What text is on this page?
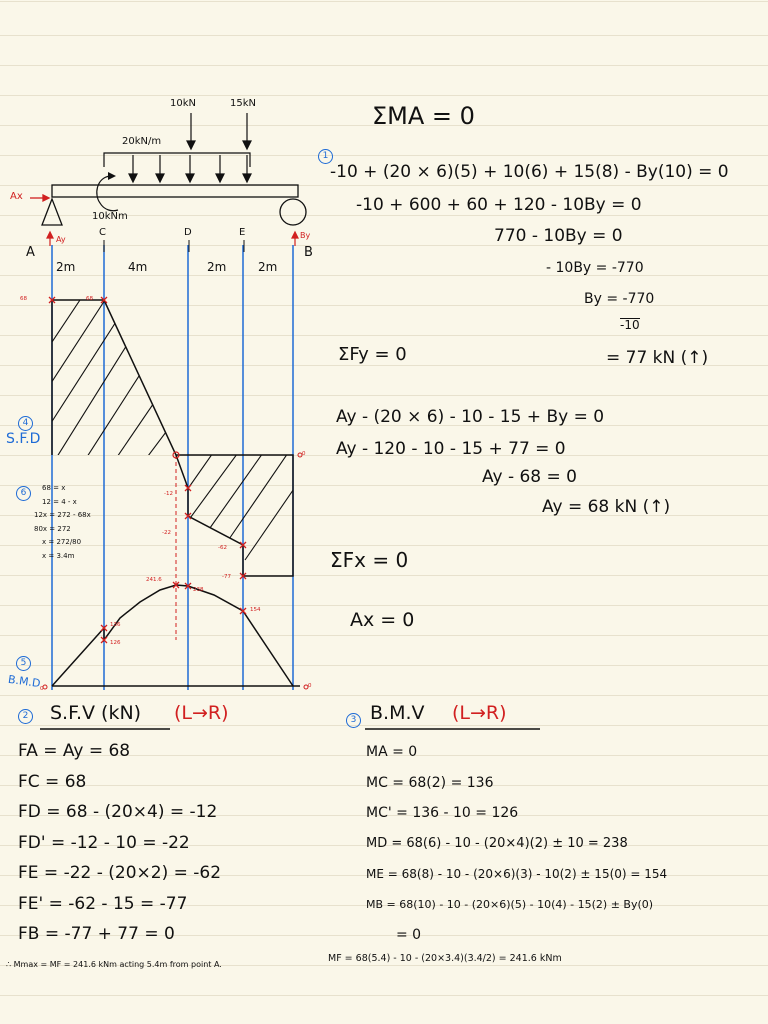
10kN	15kN
20kN/m
10kNm
Ax
Ay	By
A
C	D	E
B
2m	4m	2m	2m
4
S.F.D
68	68
-12
-22
-62
-77
0
6	68 = x
12 = 4 - x
12x = 272 - 68x
80x = 272
x = 272/80
x = 3.4m
5
B.M.D
0
136
126
241.6
238
154
0
ƩMA = 0
1
-10 + (20 × 6)(5) + 10(6) + 15(8) - By(10) = 0
-10 + 600 + 60 + 120 - 10By = 0
770 - 10By = 0
- 10By = -770
By = -770
-10
= 77 kN (↑)
ƩFy = 0
Ay - (20 × 6) - 10 - 15 + By = 0
Ay - 120 - 10 - 15 + 77 = 0
Ay - 68 = 0
Ay = 68 kN (↑)
ƩFx = 0
Ax = 0
2 S.F.V (kN) (L→R)
FA = Ay = 68
FC = 68
FD = 68 - (20×4) = -12
FD' = -12 - 10 = -22
FE = -22 - (20×2) = -62
FE' = -62 - 15 = -77
FB = -77 + 77 = 0
3 B.M.V (L→R)
MA = 0
MC = 68(2) = 136
MC' = 136 - 10 = 126
MD = 68(6) - 10 - (20×4)(2) ± 10 = 238
ME = 68(8) - 10 - (20×6)(3) - 10(2) ± 15(0) = 154
MB = 68(10) - 10 - (20×6)(5) - 10(4) - 15(2) ± By(0)
= 0
MF = 68(5.4) - 10 - (20×3.4)(3.4/2) = 241.6 kNm
∴ Mmax = MF = 241.6 kNm acting 5.4m from point A.
